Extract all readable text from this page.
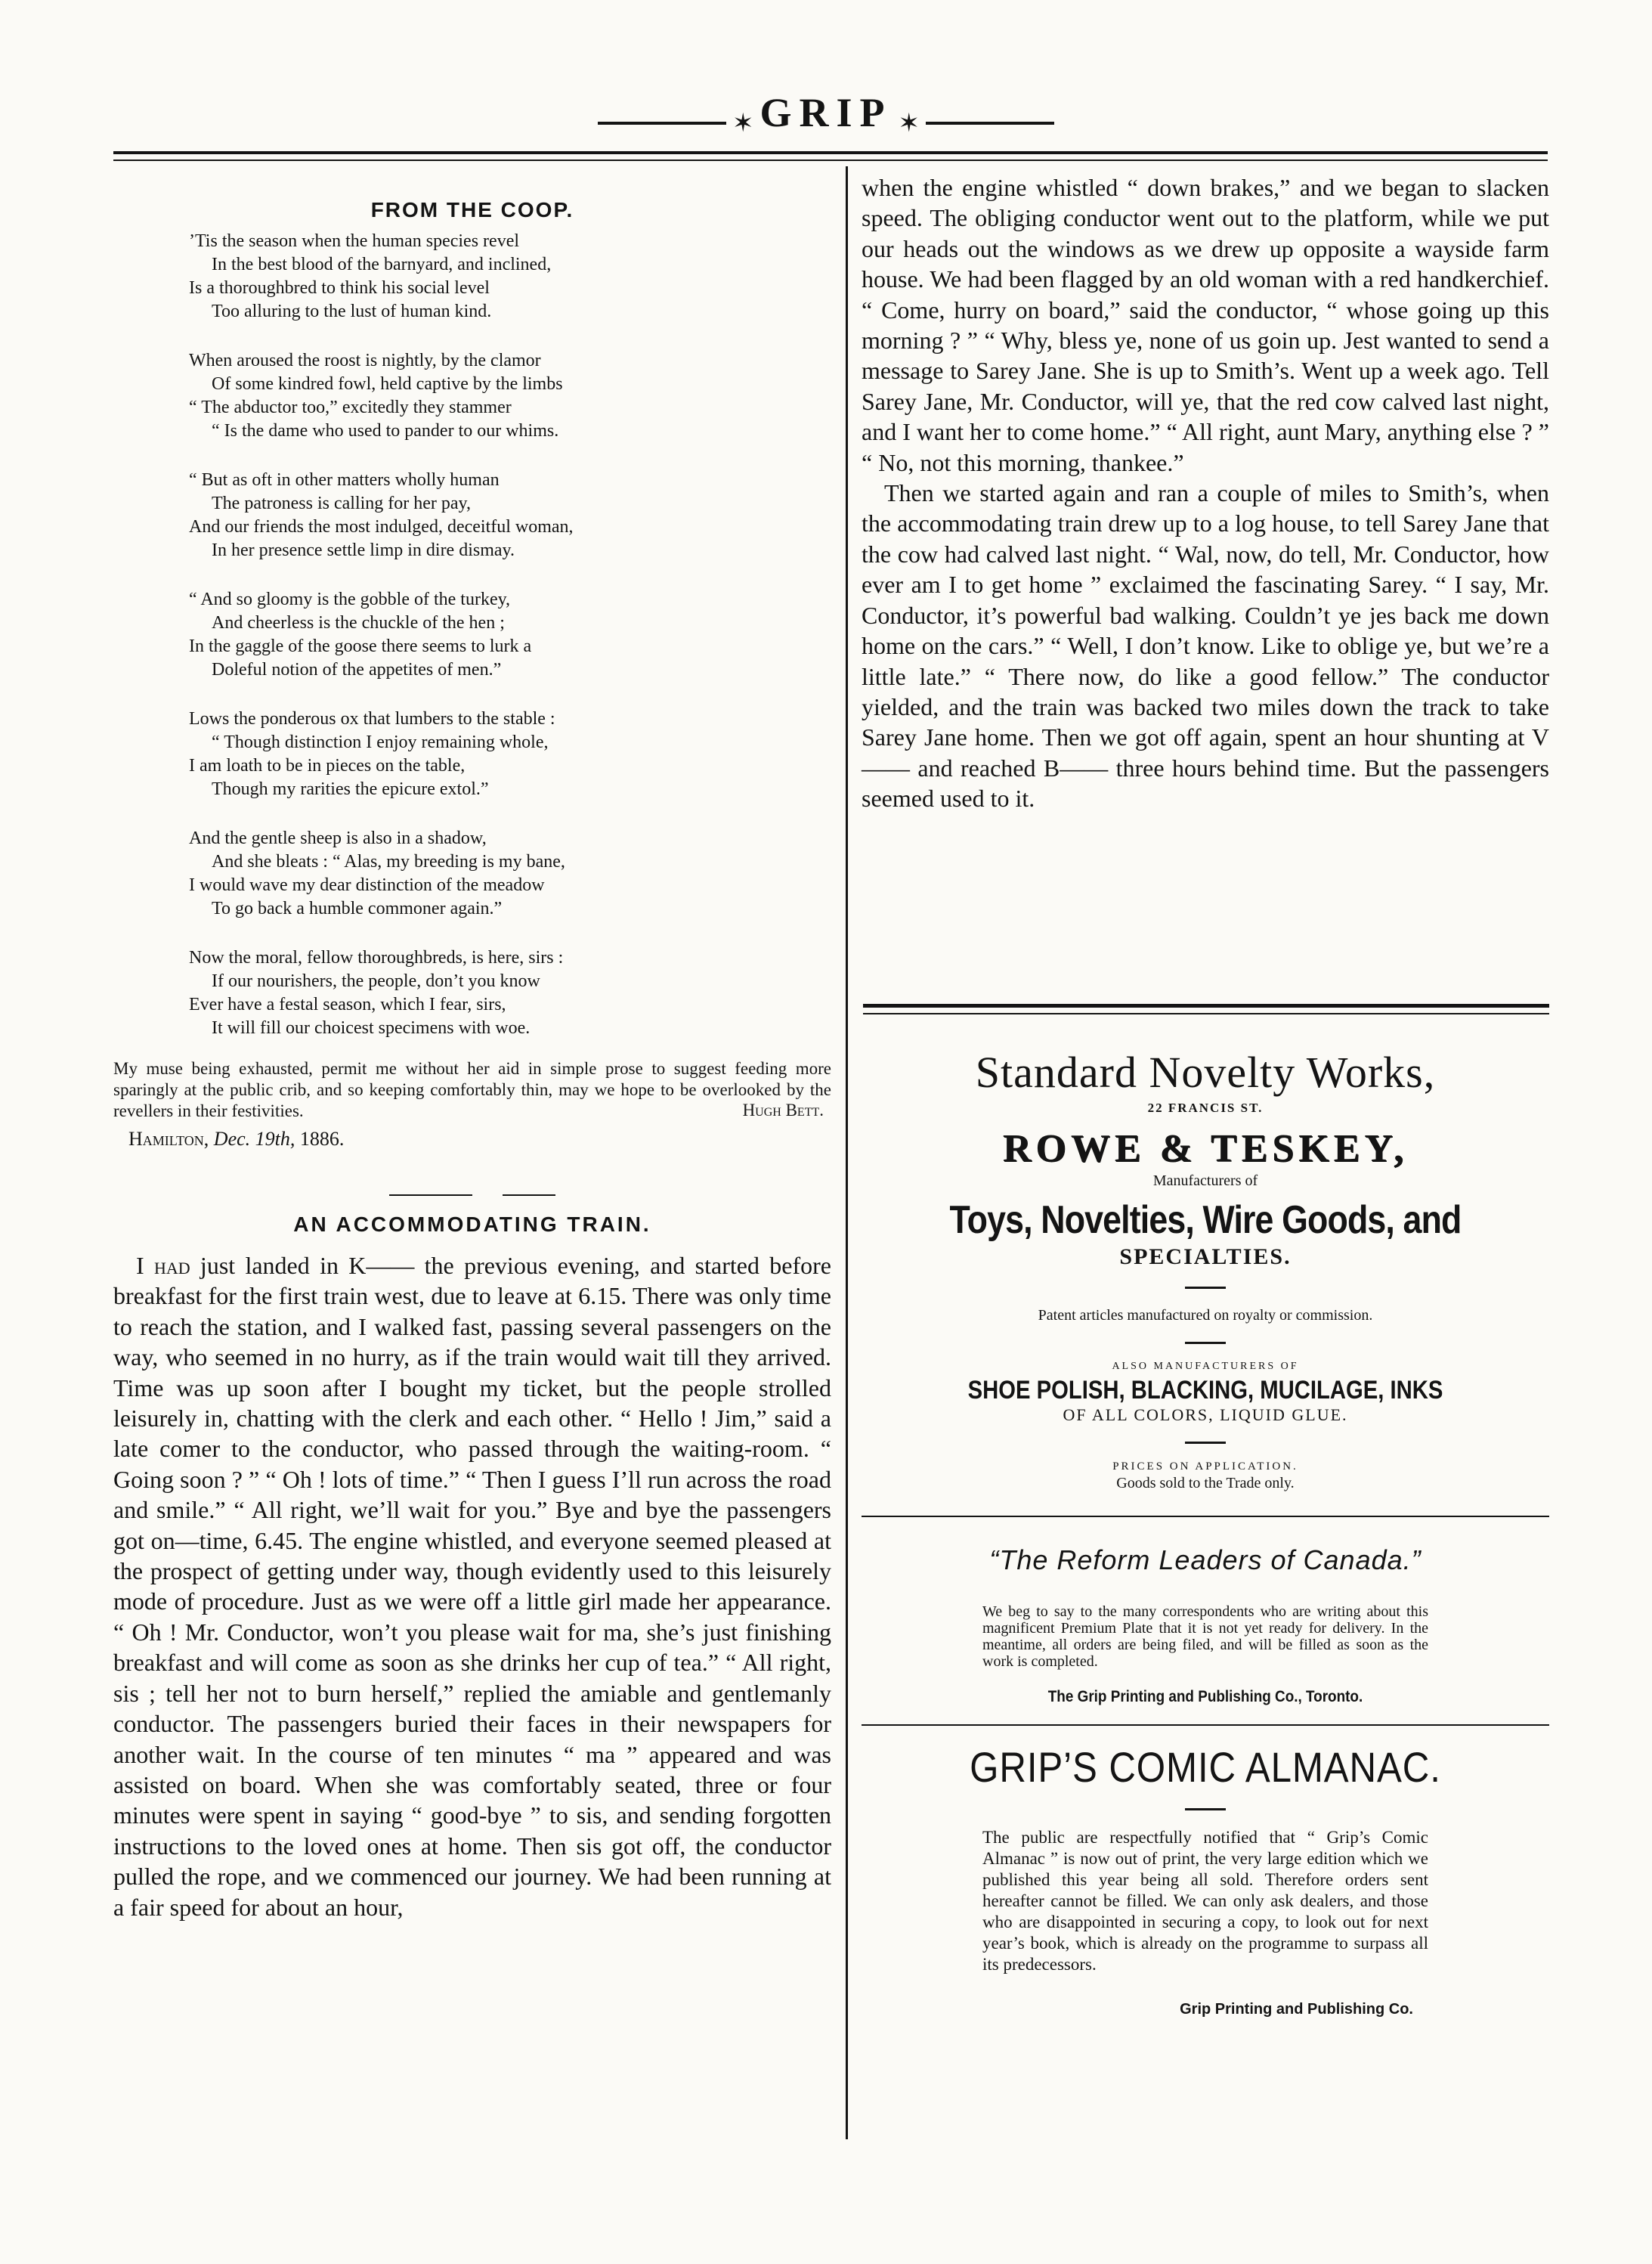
✶ GRIP ✶
FROM THE COOP.
’Tis the season when the human species revel
In the best blood of the barnyard, and inclined,
Is a thoroughbred to think his social level
Too alluring to the lust of human kind.
When aroused the roost is nightly, by the clamor
Of some kindred fowl, held captive by the limbs
“ The abductor too,” excitedly they stammer
“ Is the dame who used to pander to our whims.
“ But as oft in other matters wholly human
The patroness is calling for her pay,
And our friends the most indulged, deceitful woman,
In her presence settle limp in dire dismay.
“ And so gloomy is the gobble of the turkey,
And cheerless is the chuckle of the hen ;
In the gaggle of the goose there seems to lurk a
Doleful notion of the appetites of men.”
Lows the ponderous ox that lumbers to the stable :
“ Though distinction I enjoy remaining whole,
I am loath to be in pieces on the table,
Though my rarities the epicure extol.”
And the gentle sheep is also in a shadow,
And she bleats : “ Alas, my breeding is my bane,
I would wave my dear distinction of the meadow
To go back a humble commoner again.”
Now the moral, fellow thoroughbreds, is here, sirs :
If our nourishers, the people, don’t you know
Ever have a festal season, which I fear, sirs,
It will fill our choicest specimens with woe.
My muse being exhausted, permit me without her aid in simple prose to suggest feeding more sparingly at the public crib, and so keeping comfortably thin, may we hope to be overlooked by the revellers in their festivities.	Hugh Bett.
Hamilton, Dec. 19th, 1886.
AN ACCOMMODATING TRAIN.

I had just landed in K—— the previous evening, and started before breakfast for the first train west, due to leave at 6.15. There was only time to reach the station, and I walked fast, passing several passengers on the way, who seemed in no hurry, as if the train would wait till they arrived. Time was up soon after I bought my ticket, but the people strolled leisurely in, chatting with the clerk and each other. “ Hello ! Jim,” said a late comer to the conductor, who passed through the waiting-room. “ Going soon ? ” “ Oh ! lots of time.” “ Then I guess I’ll run across the road and smile.” “ All right, we’ll wait for you.” Bye and bye the passengers got on—time, 6.45. The engine whistled, and everyone seemed pleased at the prospect of getting under way, though evidently used to this leisurely mode of procedure. Just as we were off a little girl made her appearance. “ Oh ! Mr. Conductor, won’t you please wait for ma, she’s just finishing breakfast and will come as soon as she drinks her cup of tea.” “ All right, sis ; tell her not to burn herself,” replied the amiable and gentlemanly conductor. The passengers buried their faces in their newspapers for another wait. In the course of ten minutes “ ma ” appeared and was assisted on board. When she was comfortably seated, three or four minutes were spent in saying “ good-bye ” to sis, and sending forgotten instructions to the loved ones at home. Then sis got off, the conductor pulled the rope, and we commenced our journey. We had been running at a fair speed for about an hour,

when the engine whistled “ down brakes,” and we began to slacken speed. The obliging conductor went out to the platform, while we put our heads out the windows as we drew up opposite a wayside farm house. We had been flagged by an old woman with a red handkerchief. “ Come, hurry on board,” said the conductor, “ whose going up this morning ? ” “ Why, bless ye, none of us goin up. Jest wanted to send a message to Sarey Jane. She is up to Smith’s. Went up a week ago. Tell Sarey Jane, Mr. Conductor, will ye, that the red cow calved last night, and I want her to come home.” “ All right, aunt Mary, anything else ? ” “ No, not this morning, thankee.”

Then we started again and ran a couple of miles to Smith’s, when the accommodating train drew up to a log house, to tell Sarey Jane that the cow had calved last night. “ Wal, now, do tell, Mr. Conductor, how ever am I to get home ” exclaimed the fascinating Sarey. “ I say, Mr. Conductor, it’s powerful bad walking. Couldn’t ye jes back me down home on the cars.” “ Well, I don’t know. Like to oblige ye, but we’re a little late.” “ There now, do like a good fellow.” The conductor yielded, and the train was backed two miles down the track to take Sarey Jane home. Then we got off again, spent an hour shunting at V—— and reached B—— three hours behind time. But the passengers seemed used to it.

Standard Novelty Works,
22 FRANCIS ST.
ROWE & TESKEY,
Manufacturers of
Toys, Novelties, Wire Goods, and
SPECIALTIES.
Patent articles manufactured on royalty or commission.
ALSO MANUFACTURERS OF
SHOE POLISH, BLACKING, MUCILAGE, INKS
OF ALL COLORS, LIQUID GLUE.
PRICES ON APPLICATION.
Goods sold to the Trade only.
“The Reform Leaders of Canada.”
We beg to say to the many correspondents who are writing about this magnificent Premium Plate that it is not yet ready for delivery. In the meantime, all orders are being filed, and will be filled as soon as the work is completed.
The Grip Printing and Publishing Co., Toronto.
GRIP’S COMIC ALMANAC.
The public are respectfully notified that “ Grip’s Comic Almanac ” is now out of print, the very large edition which we published this year being all sold. Therefore orders sent hereafter cannot be filled. We can only ask dealers, and those who are disappointed in securing a copy, to look out for next year’s book, which is already on the programme to surpass all its predecessors.
Grip Printing and Publishing Co.
